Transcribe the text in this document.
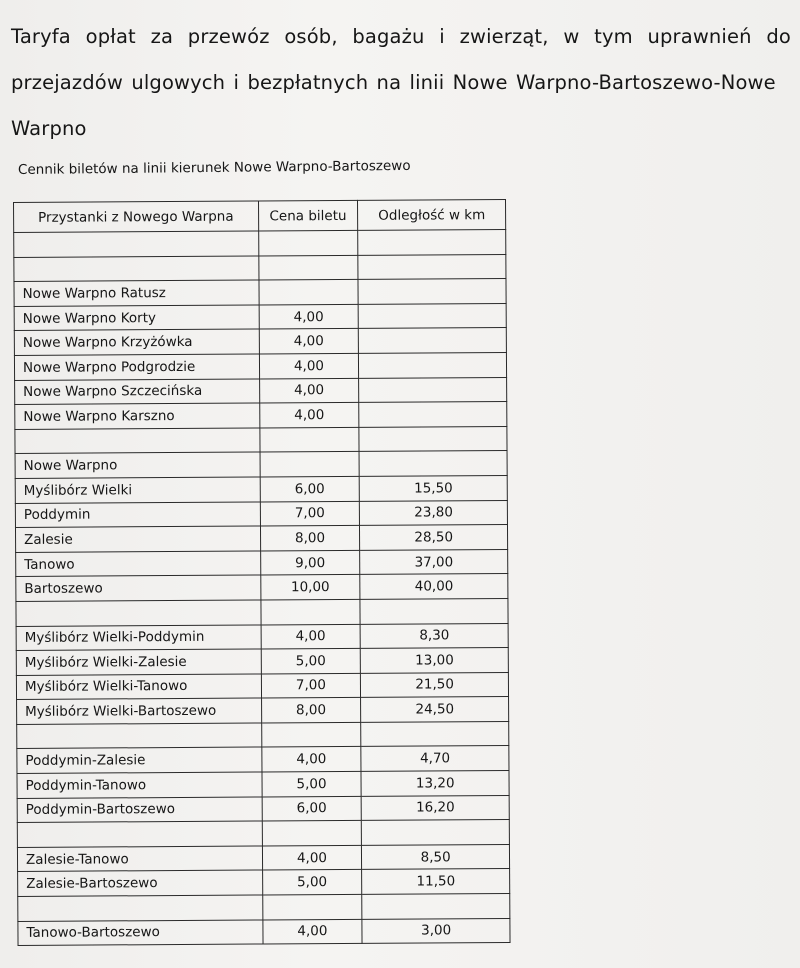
Taryfa opłat za przewóz osób, bagażu i zwierząt, w tym uprawnień do przejazdów ulgowych i bezpłatnych na linii Nowe Warpno-Bartoszewo-Nowe
Warpno
Cennik biletów na linii kierunek Nowe Warpno-Bartoszewo
Przystanki z Nowego Warpna	Cena biletu	Odległość w km

Nowe Warpno Ratusz		
Nowe Warpno Korty	4,00	
Nowe Warpno Krzyżówka	4,00	
Nowe Warpno Podgrodzie	4,00	
Nowe Warpno Szczecińska	4,00	
Nowe Warpno Karszno	4,00	

Nowe Warpno		
Myślibórz Wielki	6,00	15,50
Poddymin	7,00	23,80
Zalesie	8,00	28,50
Tanowo	9,00	37,00
Bartoszewo	10,00	40,00

Myślibórz Wielki-Poddymin	4,00	8,30
Myślibórz Wielki-Zalesie	5,00	13,00
Myślibórz Wielki-Tanowo	7,00	21,50
Myślibórz Wielki-Bartoszewo	8,00	24,50

Poddymin-Zalesie	4,00	4,70
Poddymin-Tanowo	5,00	13,20
Poddymin-Bartoszewo	6,00	16,20

Zalesie-Tanowo	4,00	8,50
Zalesie-Bartoszewo	5,00	11,50

Tanowo-Bartoszewo	4,00	3,00
